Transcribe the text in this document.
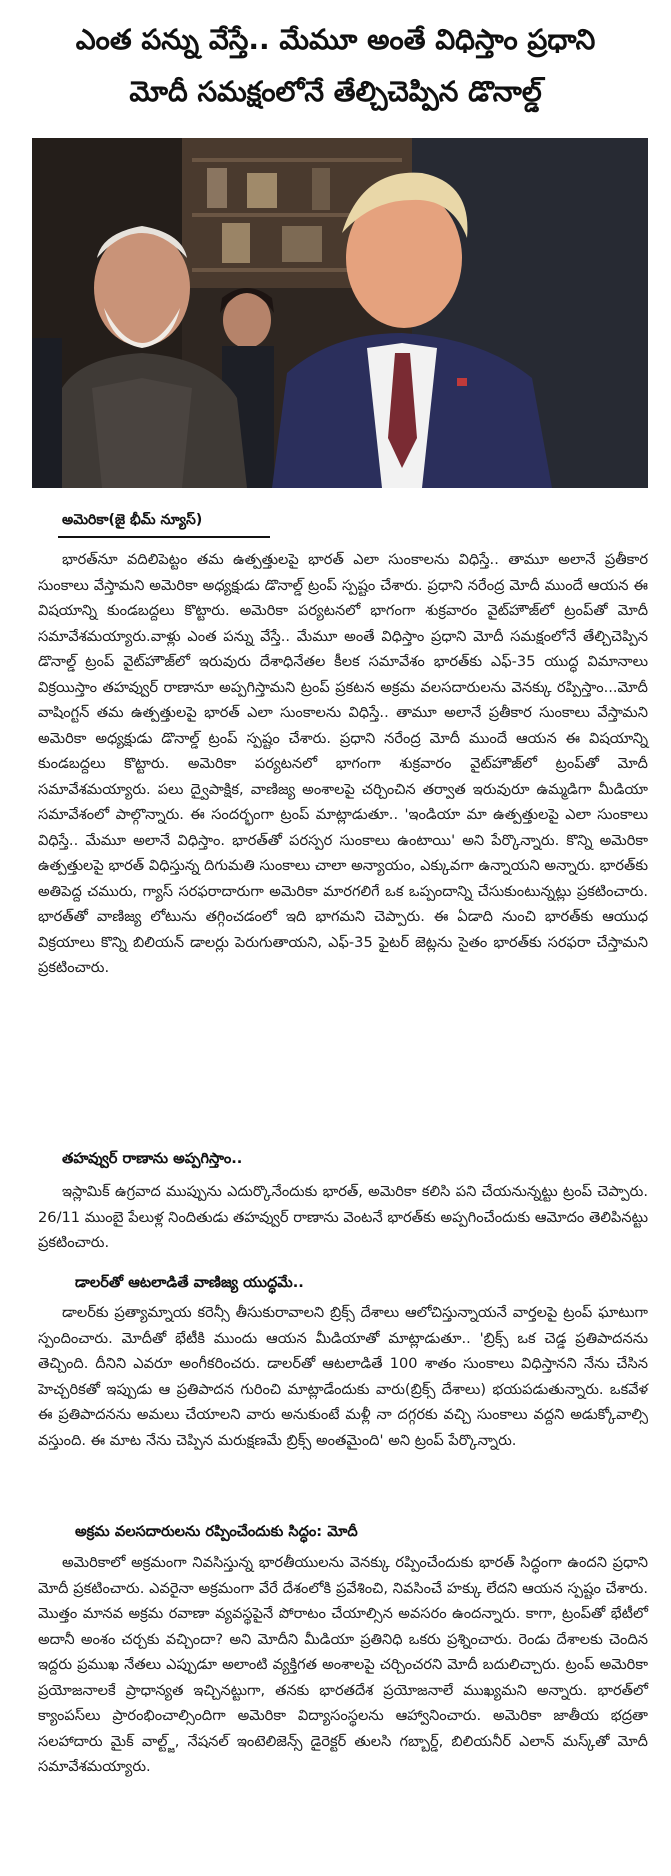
ఎంత పన్ను వేస్తే.. మేమూ అంతే విధిస్తాం ప్రధాని
మోదీ సమక్షంలోనే తేల్చిచెప్పిన డొనాల్డ్
అమెరికా(జై భీమ్ న్యూస్)

భారత్‌నూ వదిలిపెట్టం తమ ఉత్పత్తులపై భారత్ ఎలా సుంకాలను విధిస్తే.. తామూ అలానే ప్రతీకార సుంకాలు వేస్తామని అమెరికా అధ్యక్షుడు డొనాల్డ్ ట్రంప్ స్పష్టం చేశారు. ప్రధాని నరేంద్ర మోదీ ముందే ఆయన ఈ విషయాన్ని కుండబద్దలు కొట్టారు. అమెరికా పర్యటనలో భాగంగా శుక్రవారం వైట్‌హౌజ్‌లో ట్రంప్‌తో మోదీ సమావేశమయ్యారు.వాళ్లు ఎంత పన్ను వేస్తే.. మేమూ అంతే విధిస్తాం ప్రధాని మోదీ సమక్షంలోనే తేల్చిచెప్పిన డొనాల్డ్ ట్రంప్ వైట్‌హౌజ్‌లో ఇరువురు దేశాధినేతల కీలక సమావేశం భారత్‌కు ఎఫ్-35 యుద్ధ విమానాలు విక్రయిస్తాం తహవ్వుర్ రాణానూ అప్పగిస్తామని ట్రంప్ ప్రకటన అక్రమ వలసదారులను వెనక్కు రప్పిస్తాం...మోదీ వాషింగ్టన్ తమ ఉత్పత్తులపై భారత్ ఎలా సుంకాలను విధిస్తే.. తామూ అలానే ప్రతీకార సుంకాలు వేస్తామని అమెరికా అధ్యక్షుడు డొనాల్డ్ ట్రంప్ స్పష్టం చేశారు. ప్రధాని నరేంద్ర మోదీ ముందే ఆయన ఈ విషయాన్ని కుండబద్దలు కొట్టారు. అమెరికా పర్యటనలో భాగంగా శుక్రవారం వైట్‌హౌజ్‌లో ట్రంప్‌తో మోదీ సమావేశమయ్యారు. పలు ద్వైపాక్షిక, వాణిజ్య అంశాలపై చర్చించిన తర్వాత ఇరువురూ ఉమ్మడిగా మీడియా సమావేశంలో పాల్గొన్నారు. ఈ సందర్భంగా ట్రంప్ మాట్లాడుతూ.. 'ఇండియా మా ఉత్పత్తులపై ఎలా సుంకాలు విధిస్తే.. మేమూ అలానే విధిస్తాం. భారత్‌తో పరస్పర సుంకాలు ఉంటాయి' అని పేర్కొన్నారు. కొన్ని అమెరికా ఉత్పత్తులపై భారత్ విధిస్తున్న దిగుమతి సుంకాలు చాలా అన్యాయం, ఎక్కువగా ఉన్నాయని అన్నారు. భారత్‌కు అతిపెద్ద చమురు, గ్యాస్ సరఫరాదారుగా అమెరికా మారగలిగే ఒక ఒప్పందాన్ని చేసుకుంటున్నట్లు ప్రకటించారు. భారత్‌తో వాణిజ్య లోటును తగ్గించడంలో ఇది భాగమని చెప్పారు. ఈ ఏడాది నుంచి భారత్‌కు ఆయుధ విక్రయాలు కొన్ని బిలియన్ డాలర్లు పెరుగుతాయని, ఎఫ్-35 ఫైటర్ జెట్లను సైతం భారత్‌కు సరఫరా చేస్తామని ప్రకటించారు.

తహవ్వుర్ రాణాను అప్పగిస్తాం..

ఇస్లామిక్ ఉగ్రవాద ముప్పును ఎదుర్కొనేందుకు భారత్, అమెరికా కలిసి పని చేయనున్నట్టు ట్రంప్ చెప్పారు. 26/11 ముంబై పేలుళ్ల నిందితుడు తహవ్వుర్ రాణాను వెంటనే భారత్‌కు అప్పగించేందుకు ఆమోదం తెలిపినట్టు ప్రకటించారు.

డాలర్‌తో ఆటలాడితే వాణిజ్య యుద్ధమే..

డాలర్‌కు ప్రత్యామ్నాయ కరెన్సీ తీసుకురావాలని బ్రిక్స్ దేశాలు ఆలోచిస్తున్నాయనే వార్తలపై ట్రంప్ ఘాటుగా స్పందించారు. మోదీతో భేటీకి ముందు ఆయన మీడియాతో మాట్లాడుతూ.. 'బ్రిక్స్ ఒక చెడ్డ ప్రతిపాదనను తెచ్చింది. దీనిని ఎవరూ అంగీకరించరు. డాలర్‌తో ఆటలాడితే 100 శాతం సుంకాలు విధిస్తానని నేను చేసిన హెచ్చరికతో ఇప్పుడు ఆ ప్రతిపాదన గురించి మాట్లాడేందుకు వారు(బ్రిక్స్ దేశాలు) భయపడుతున్నారు. ఒకవేళ ఈ ప్రతిపాదనను అమలు చేయాలని వారు అనుకుంటే మళ్లీ నా దగ్గరకు వచ్చి సుంకాలు వద్దని అడుక్కోవాల్సి వస్తుంది. ఈ మాట నేను చెప్పిన మరుక్షణమే బ్రిక్స్ అంతమైంది' అని ట్రంప్ పేర్కొన్నారు.

అక్రమ వలసదారులను రప్పించేందుకు సిద్ధం: మోదీ

అమెరికాలో అక్రమంగా నివసిస్తున్న భారతీయులను వెనక్కు రప్పించేందుకు భారత్ సిద్ధంగా ఉందని ప్రధాని మోదీ ప్రకటించారు. ఎవరైనా అక్రమంగా వేరే దేశంలోకి ప్రవేశించి, నివసించే హక్కు లేదని ఆయన స్పష్టం చేశారు. మొత్తం మానవ అక్రమ రవాణా వ్యవస్థపైనే పోరాటం చేయాల్సిన అవసరం ఉందన్నారు. కాగా, ట్రంప్‌తో భేటీలో అదానీ అంశం చర్చకు వచ్చిందా? అని మోదీని మీడియా ప్రతినిధి ఒకరు ప్రశ్నించారు. రెండు దేశాలకు చెందిన ఇద్దరు ప్రముఖ నేతలు ఎప్పుడూ అలాంటి వ్యక్తిగత అంశాలపై చర్చించరని మోదీ బదులిచ్చారు. ట్రంప్ అమెరికా ప్రయోజనాలకే ప్రాధాన్యత ఇచ్చినట్టుగా, తనకు భారతదేశ ప్రయోజనాలే ముఖ్యమని అన్నారు. భారత్‌లో క్యాంపస్‌లు ప్రారంభించాల్సిందిగా అమెరికా విద్యాసంస్థలను ఆహ్వానించారు. అమెరికా జాతీయ భద్రతా సలహాదారు మైక్ వాల్ట్జ్, నేషనల్ ఇంటెలిజెన్స్ డైరెక్టర్ తులసి గబ్బార్డ్, బిలియనీర్ ఎలాన్ మస్క్‌తో మోదీ సమావేశమయ్యారు.
